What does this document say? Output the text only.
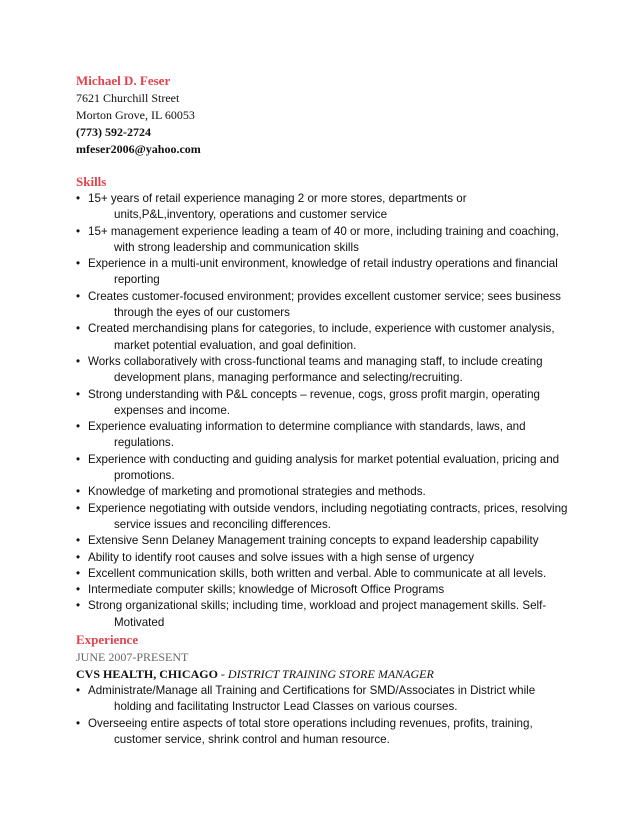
Michael D. Feser
7621 Churchill Street
Morton Grove, IL 60053
(773) 592-2724
mfeser2006@yahoo.com
Skills
• 15+ years of retail experience managing 2 or more stores, departments or
units,P&L,inventory, operations and customer service
• 15+ management experience leading a team of 40 or more, including training and coaching,
with strong leadership and communication skills
• Experience in a multi-unit environment, knowledge of retail industry operations and financial
reporting
• Creates customer-focused environment; provides excellent customer service; sees business
through the eyes of our customers
• Created merchandising plans for categories, to include, experience with customer analysis,
market potential evaluation, and goal definition.
• Works collaboratively with cross-functional teams and managing staff, to include creating
development plans, managing performance and selecting/recruiting.
• Strong understanding with P&L concepts – revenue, cogs, gross profit margin, operating
expenses and income.
• Experience evaluating information to determine compliance with standards, laws, and
regulations.
• Experience with conducting and guiding analysis for market potential evaluation, pricing and
promotions.
• Knowledge of marketing and promotional strategies and methods.
• Experience negotiating with outside vendors, including negotiating contracts, prices, resolving
service issues and reconciling differences.
• Extensive Senn Delaney Management training concepts to expand leadership capability
• Ability to identify root causes and solve issues with a high sense of urgency
• Excellent communication skills, both written and verbal. Able to communicate at all levels.
• Intermediate computer skills; knowledge of Microsoft Office Programs
• Strong organizational skills; including time, workload and project management skills. Self-
Motivated
Experience
JUNE 2007-PRESENT
CVS HEALTH, CHICAGO - DISTRICT TRAINING STORE MANAGER
• Administrate/Manage all Training and Certifications for SMD/Associates in District while
holding and facilitating Instructor Lead Classes on various courses.
• Overseeing entire aspects of total store operations including revenues, profits, training,
customer service, shrink control and human resource.
